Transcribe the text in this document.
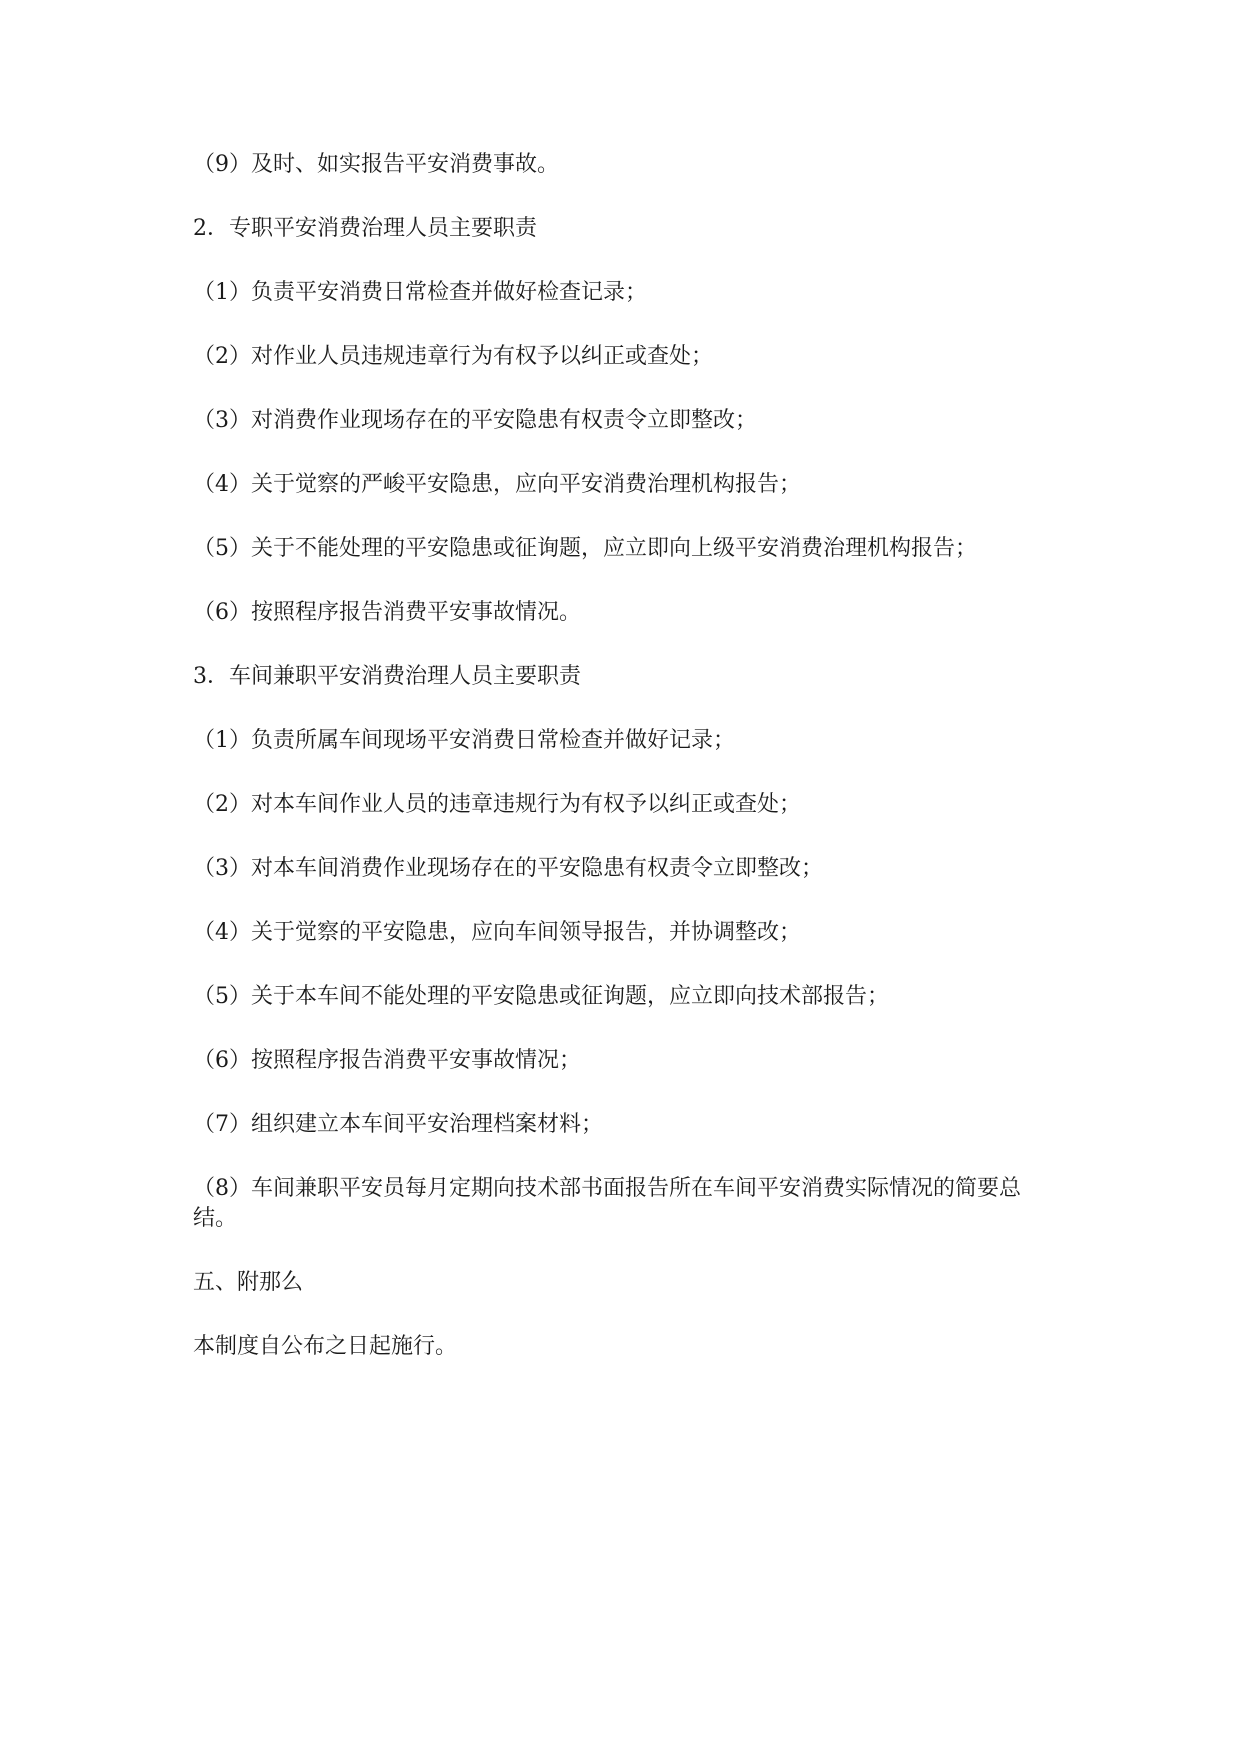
（9）及时、如实报告平安消费事故。

2．专职平安消费治理人员主要职责

（1）负责平安消费日常检查并做好检查记录；

（2）对作业人员违规违章行为有权予以纠正或查处；

（3）对消费作业现场存在的平安隐患有权责令立即整改；

（4）关于觉察的严峻平安隐患，应向平安消费治理机构报告；

（5）关于不能处理的平安隐患或征询题，应立即向上级平安消费治理机构报告；

（6）按照程序报告消费平安事故情况。

3．车间兼职平安消费治理人员主要职责

（1）负责所属车间现场平安消费日常检查并做好记录；

（2）对本车间作业人员的违章违规行为有权予以纠正或查处；

（3）对本车间消费作业现场存在的平安隐患有权责令立即整改；

（4）关于觉察的平安隐患，应向车间领导报告，并协调整改；

（5）关于本车间不能处理的平安隐患或征询题，应立即向技术部报告；

（6）按照程序报告消费平安事故情况；

（7）组织建立本车间平安治理档案材料；

（8）车间兼职平安员每月定期向技术部书面报告所在车间平安消费实际情况的简要总结。

五、附那么

本制度自公布之日起施行。
